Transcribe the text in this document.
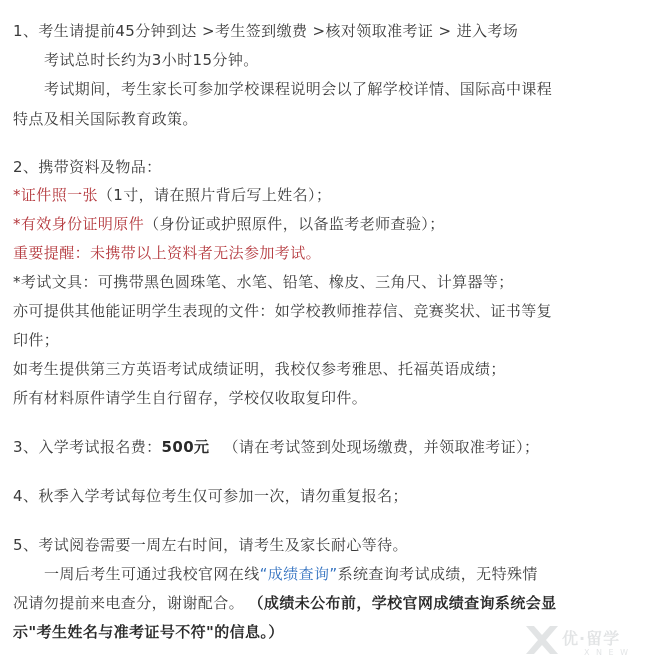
1、考生请提前45分钟到达 >考生签到缴费 >核对领取准考证 > 进入考场
考试总时长约为3小时15分钟。
考试期间，考生家长可参加学校课程说明会以了解学校详情、国际高中课程
特点及相关国际教育政策。
2、携带资料及物品：
*证件照一张（1寸，请在照片背后写上姓名）；
*有效身份证明原件（身份证或护照原件，以备监考老师查验）；
重要提醒：未携带以上资料者无法参加考试。
*考试文具：可携带黑色圆珠笔、水笔、铅笔、橡皮、三角尺、计算器等；
亦可提供其他能证明学生表现的文件：如学校教师推荐信、竞赛奖状、证书等复
印件；
如考生提供第三方英语考试成绩证明，我校仅参考雅思、托福英语成绩；
所有材料原件请学生自行留存，学校仅收取复印件。
3、入学考试报名费：500元 （请在考试签到处现场缴费，并领取准考证）；
4、秋季入学考试每位考生仅可参加一次，请勿重复报名；
5、考试阅卷需要一周左右时间，请考生及家长耐心等待。
一周后考生可通过我校官网在线“成绩查询”系统查询考试成绩，无特殊情
况请勿提前来电查分，谢谢配合。 （成绩未公布前，学校官网成绩查询系统会显
示"考生姓名与准考证号不符"的信息。）	优·留学
X N E W
